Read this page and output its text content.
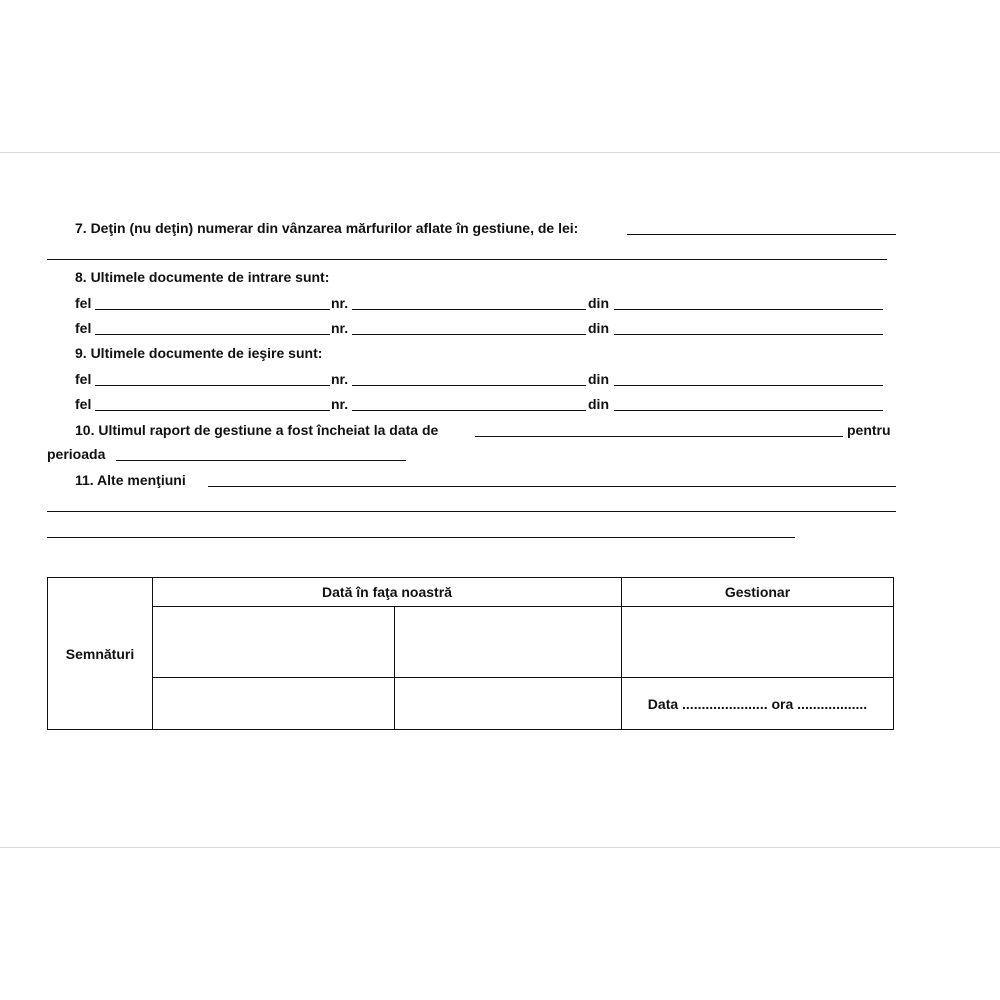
7. Deţin (nu deţin) numerar din vânzarea mărfurilor aflate în gestiune, de lei:
8. Ultimele documente de intrare sunt:
fel	nr.	din
fel	nr.	din
9. Ultimele documente de ieşire sunt:
fel	nr.	din
fel	nr.	din
10. Ultimul raport de gestiune a fost încheiat la data de	pentru
perioada
11. Alte menţiuni
Semnături	Dată în faţa noastră		Gestionar

			Data ...................... ora ..................
